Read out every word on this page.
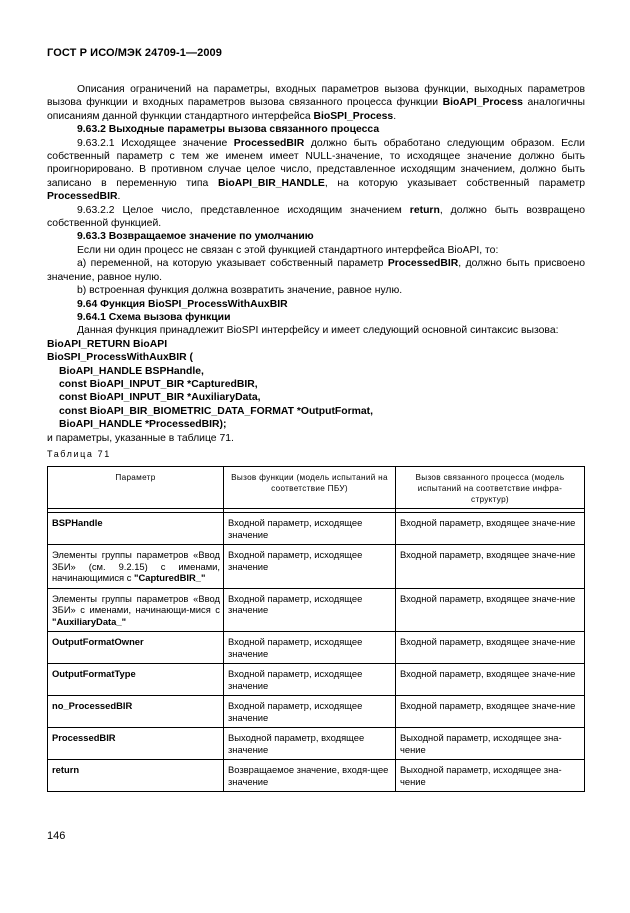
ГОСТ Р ИСО/МЭК 24709-1—2009

Описания ограничений на параметры, входных параметров вызова функции, выходных параметров вызова функции и входных параметров вызова связанного процесса функции BioAPI_Process аналогичны описаниям данной функции стандартного интерфейса BioSPI_Process.

9.63.2 Выходные параметры вызова связанного процесса

9.63.2.1 Исходящее значение ProcessedBIR должно быть обработано следующим образом. Если собственный параметр с тем же именем имеет NULL-значение, то исходящее значение должно быть проигнорировано. В противном случае целое число, представленное исходящим значением, должно быть записано в переменную типа BioAPI_BIR_HANDLE, на которую указывает собственный параметр ProcessedBIR.

9.63.2.2 Целое число, представленное исходящим значением return, должно быть возвращено собственной функцией.

9.63.3 Возвращаемое значение по умолчанию

Если ни один процесс не связан с этой функцией стандартного интерфейса BioAPI, то:

a) переменной, на которую указывает собственный параметр ProcessedBIR, должно быть присвоено значение, равное нулю.

b) встроенная функция должна возвратить значение, равное нулю.

9.64 Функция BioSPI_ProcessWithAuxBIR

9.64.1 Схема вызова функции

Данная функция принадлежит BioSPI интерфейсу и имеет следующий основной синтаксис вызова:

BioAPI_RETURN BioAPI

BioSPI_ProcessWithAuxBIR (

BioAPI_HANDLE BSPHandle,

const BioAPI_INPUT_BIR *CapturedBIR,

const BioAPI_INPUT_BIR *AuxiliaryData,

const BioAPI_BIR_BIOMETRIC_DATA_FORMAT *OutputFormat,

BioAPI_HANDLE *ProcessedBIR);

и параметры, указанные в таблице 71.

Таблица 71
Параметр	Вызов функции (модель испытаний на соответствие ПБУ)	Вызов связанного процесса (модель испытаний на соответствие инфра-структур)

BSPHandle	Входной параметр, исходящее значение	Входной параметр, входящее значе-ние
Элементы группы параметров «Ввод ЗБИ» (см. 9.2.15) с именами, начинающимися с "CapturedBIR_"	Входной параметр, исходящее значение	Входной параметр, входящее значе-ние
Элементы группы параметров «Ввод ЗБИ» с именами, начинающи-мися с "AuxiliaryData_"	Входной параметр, исходящее значение	Входной параметр, входящее значе-ние
OutputFormatOwner	Входной параметр, исходящее значение	Входной параметр, входящее значе-ние
OutputFormatType	Входной параметр, исходящее значение	Входной параметр, входящее значе-ние
no_ProcessedBIR	Входной параметр, исходящее значение	Входной параметр, входящее значе-ние
ProcessedBIR	Выходной параметр, входящее значение	Выходной параметр, исходящее зна-чение
return	Возвращаемое значение, входя-щее значение	Выходной параметр, исходящее зна-чение
146
